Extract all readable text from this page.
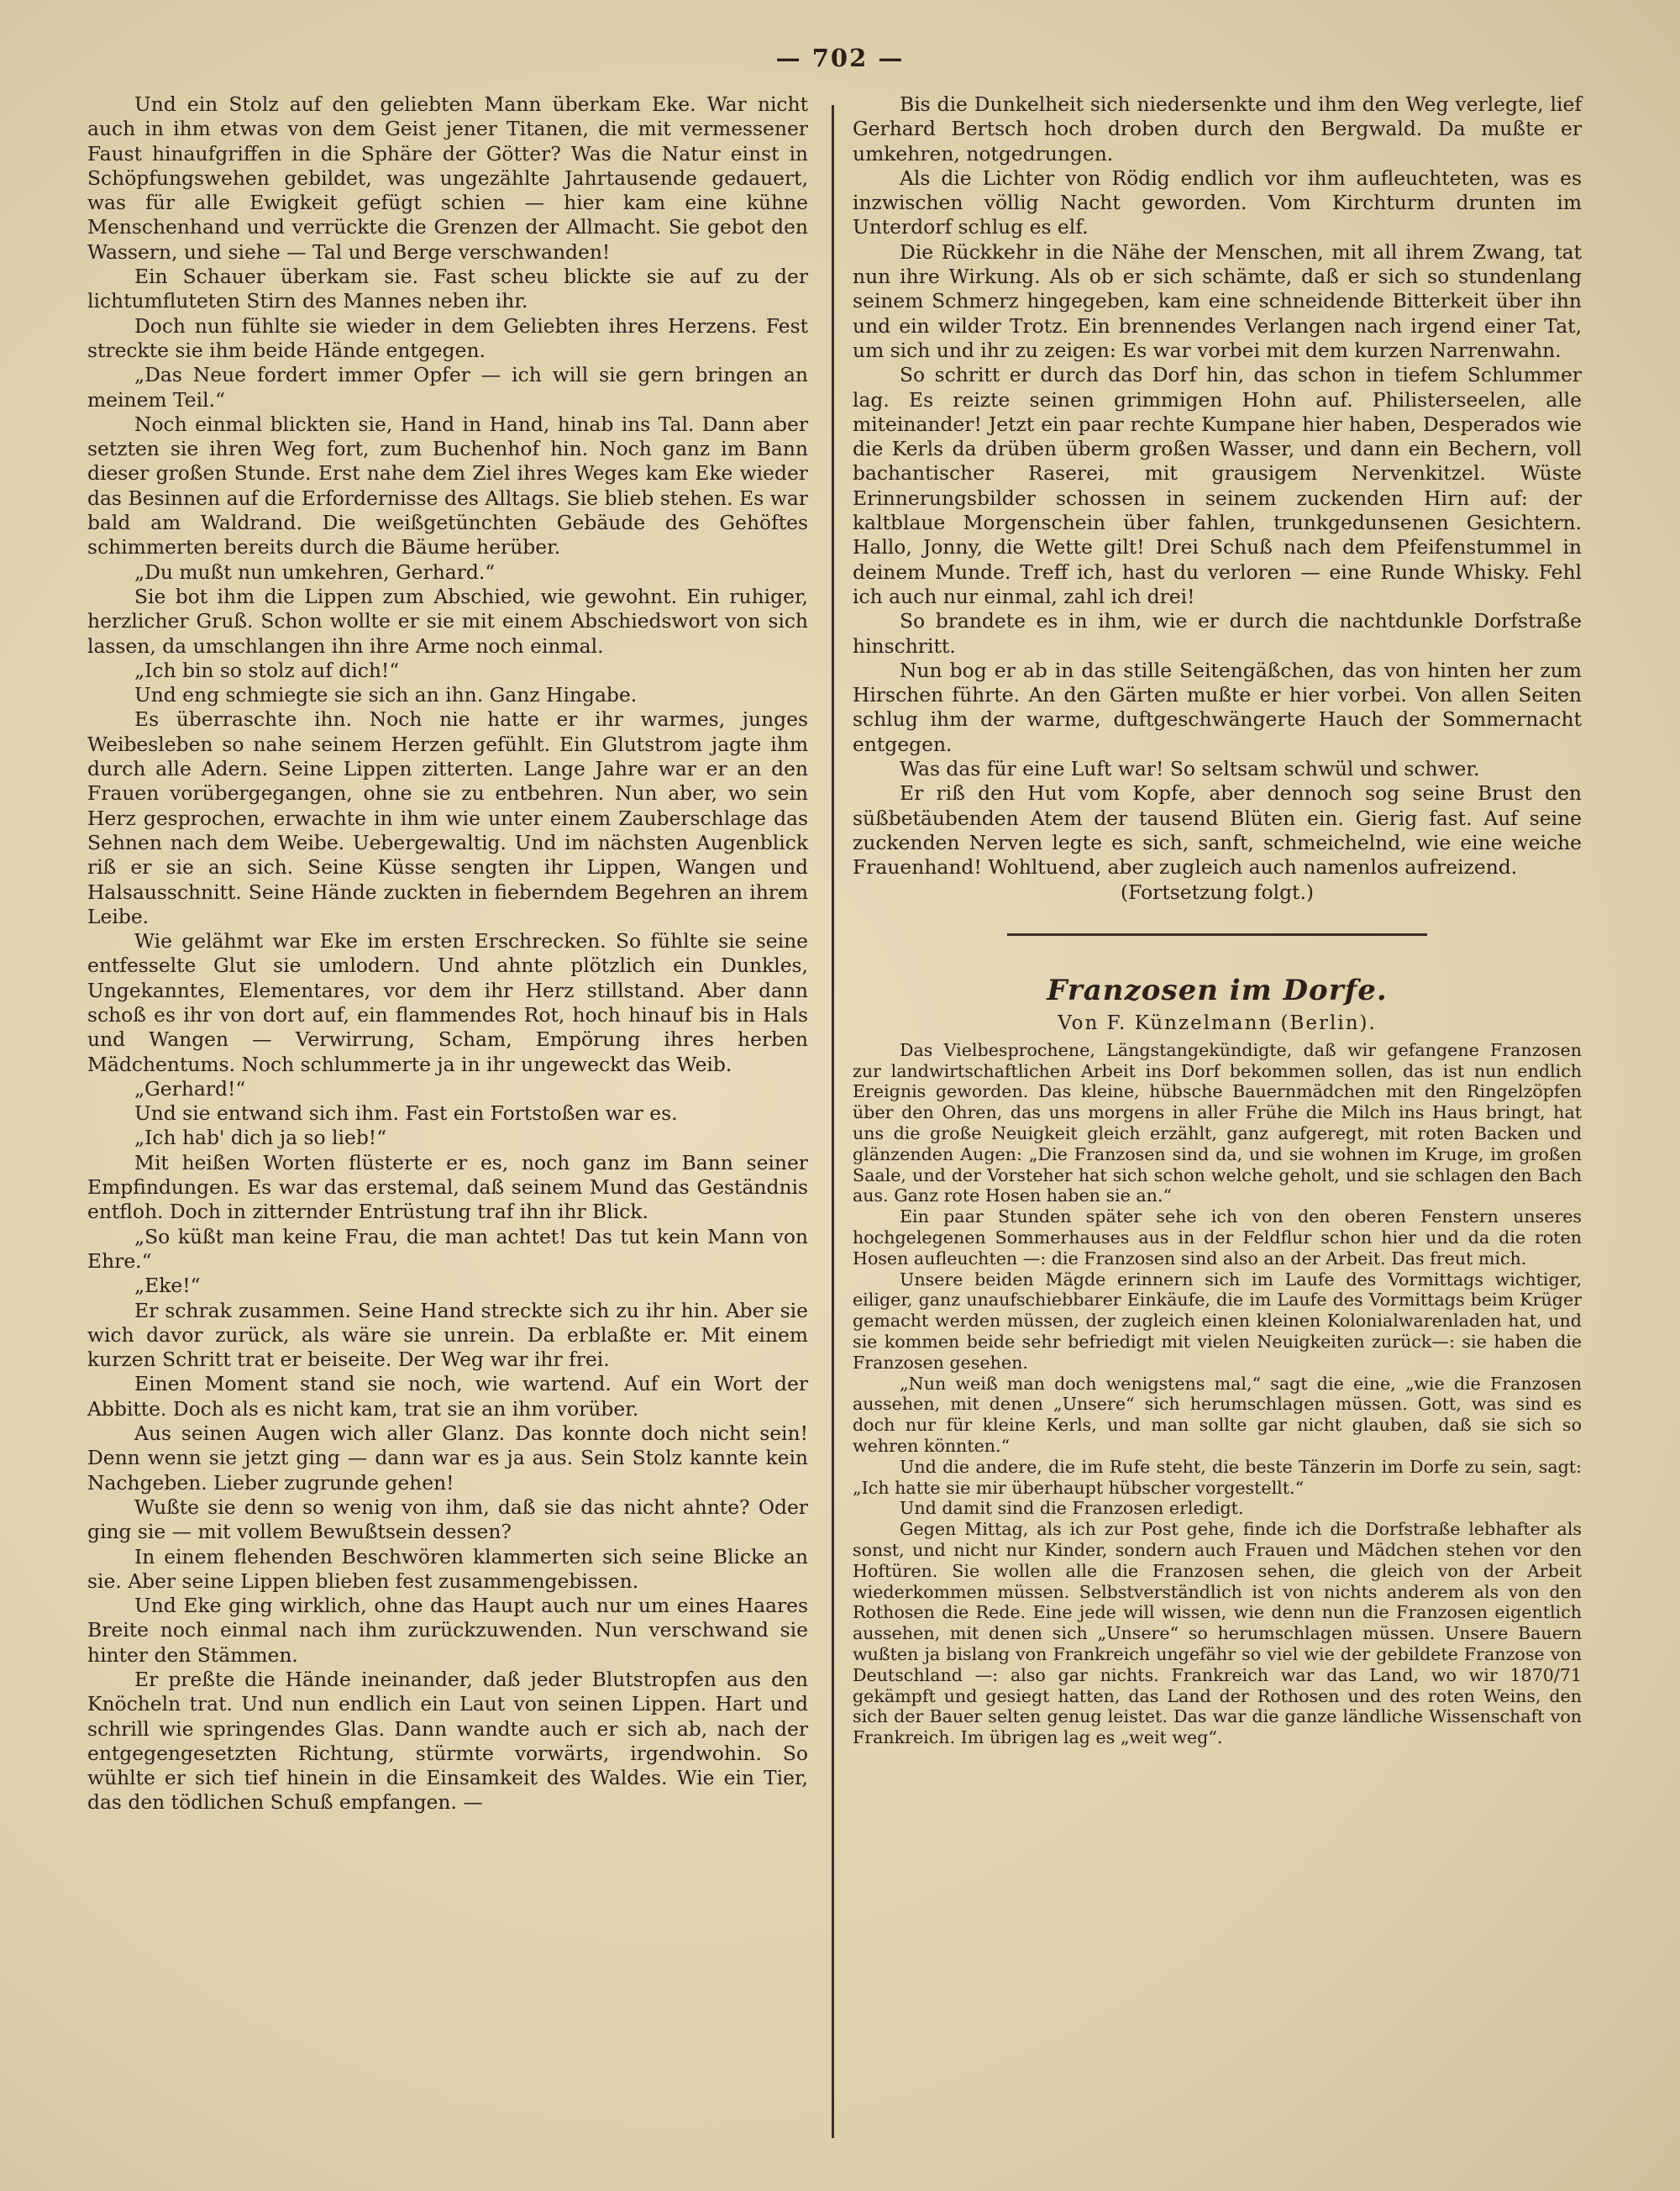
— 702 —

Und ein Stolz auf den geliebten Mann überkam Eke. War nicht auch in ihm etwas von dem Geist jener Titanen, die mit vermessener Faust hinaufgriffen in die Sphäre der Götter? Was die Natur einst in Schöpfungswehen gebildet, was ungezählte Jahrtausende gedauert, was für alle Ewigkeit gefügt schien — hier kam eine kühne Menschenhand und verrückte die Grenzen der Allmacht. Sie gebot den Wassern, und siehe — Tal und Berge verschwanden!

Ein Schauer überkam sie. Fast scheu blickte sie auf zu der lichtumfluteten Stirn des Mannes neben ihr.

Doch nun fühlte sie wieder in dem Geliebten ihres Herzens. Fest streckte sie ihm beide Hände entgegen.

„Das Neue fordert immer Opfer — ich will sie gern bringen an meinem Teil.“

Noch einmal blickten sie, Hand in Hand, hinab ins Tal. Dann aber setzten sie ihren Weg fort, zum Buchenhof hin. Noch ganz im Bann dieser großen Stunde. Erst nahe dem Ziel ihres Weges kam Eke wieder das Besinnen auf die Erfordernisse des Alltags. Sie blieb stehen. Es war bald am Waldrand. Die weißgetünchten Gebäude des Gehöftes schimmerten bereits durch die Bäume herüber.

„Du mußt nun umkehren, Gerhard.“

Sie bot ihm die Lippen zum Abschied, wie gewohnt. Ein ruhiger, herzlicher Gruß. Schon wollte er sie mit einem Abschiedswort von sich lassen, da umschlangen ihn ihre Arme noch einmal.

„Ich bin so stolz auf dich!“

Und eng schmiegte sie sich an ihn. Ganz Hingabe.

Es überraschte ihn. Noch nie hatte er ihr warmes, junges Weibesleben so nahe seinem Herzen gefühlt. Ein Glutstrom jagte ihm durch alle Adern. Seine Lippen zitterten. Lange Jahre war er an den Frauen vorübergegangen, ohne sie zu entbehren. Nun aber, wo sein Herz gesprochen, erwachte in ihm wie unter einem Zauberschlage das Sehnen nach dem Weibe. Uebergewaltig. Und im nächsten Augenblick riß er sie an sich. Seine Küsse sengten ihr Lippen, Wangen und Halsausschnitt. Seine Hände zuckten in fieberndem Begehren an ihrem Leibe.

Wie gelähmt war Eke im ersten Erschrecken. So fühlte sie seine entfesselte Glut sie umlodern. Und ahnte plötzlich ein Dunkles, Ungekanntes, Elementares, vor dem ihr Herz stillstand. Aber dann schoß es ihr von dort auf, ein flammendes Rot, hoch hinauf bis in Hals und Wangen — Verwirrung, Scham, Empörung ihres herben Mädchentums. Noch schlummerte ja in ihr ungeweckt das Weib.

„Gerhard!“

Und sie entwand sich ihm. Fast ein Fortstoßen war es.

„Ich hab' dich ja so lieb!“

Mit heißen Worten flüsterte er es, noch ganz im Bann seiner Empfindungen. Es war das erstemal, daß seinem Mund das Geständnis entfloh. Doch in zitternder Entrüstung traf ihn ihr Blick.

„So küßt man keine Frau, die man achtet! Das tut kein Mann von Ehre.“

„Eke!“

Er schrak zusammen. Seine Hand streckte sich zu ihr hin. Aber sie wich davor zurück, als wäre sie unrein. Da erblaßte er. Mit einem kurzen Schritt trat er beiseite. Der Weg war ihr frei.

Einen Moment stand sie noch, wie wartend. Auf ein Wort der Abbitte. Doch als es nicht kam, trat sie an ihm vorüber.

Aus seinen Augen wich aller Glanz. Das konnte doch nicht sein! Denn wenn sie jetzt ging — dann war es ja aus. Sein Stolz kannte kein Nachgeben. Lieber zugrunde gehen!

Wußte sie denn so wenig von ihm, daß sie das nicht ahnte? Oder ging sie — mit vollem Bewußtsein dessen?

In einem flehenden Beschwören klammerten sich seine Blicke an sie. Aber seine Lippen blieben fest zusammengebissen.

Und Eke ging wirklich, ohne das Haupt auch nur um eines Haares Breite noch einmal nach ihm zurückzuwenden. Nun verschwand sie hinter den Stämmen.

Er preßte die Hände ineinander, daß jeder Blutstropfen aus den Knöcheln trat. Und nun endlich ein Laut von seinen Lippen. Hart und schrill wie springendes Glas. Dann wandte auch er sich ab, nach der entgegengesetzten Richtung, stürmte vorwärts, irgendwohin. So wühlte er sich tief hinein in die Einsamkeit des Waldes. Wie ein Tier, das den tödlichen Schuß empfangen. —

Bis die Dunkelheit sich niedersenkte und ihm den Weg verlegte, lief Gerhard Bertsch hoch droben durch den Bergwald. Da mußte er umkehren, notgedrungen.

Als die Lichter von Rödig endlich vor ihm aufleuchteten, was es inzwischen völlig Nacht geworden. Vom Kirchturm drunten im Unterdorf schlug es elf.

Die Rückkehr in die Nähe der Menschen, mit all ihrem Zwang, tat nun ihre Wirkung. Als ob er sich schämte, daß er sich so stundenlang seinem Schmerz hingegeben, kam eine schneidende Bitterkeit über ihn und ein wilder Trotz. Ein brennendes Verlangen nach irgend einer Tat, um sich und ihr zu zeigen: Es war vorbei mit dem kurzen Narrenwahn.

So schritt er durch das Dorf hin, das schon in tiefem Schlummer lag. Es reizte seinen grimmigen Hohn auf. Philisterseelen, alle miteinander! Jetzt ein paar rechte Kumpane hier haben, Desperados wie die Kerls da drüben überm großen Wasser, und dann ein Bechern, voll bachantischer Raserei, mit grausigem Nervenkitzel. Wüste Erinnerungsbilder schossen in seinem zuckenden Hirn auf: der kaltblaue Morgenschein über fahlen, trunkgedunsenen Gesichtern. Hallo, Jonny, die Wette gilt! Drei Schuß nach dem Pfeifenstummel in deinem Munde. Treff ich, hast du verloren — eine Runde Whisky. Fehl ich auch nur einmal, zahl ich drei!

So brandete es in ihm, wie er durch die nachtdunkle Dorfstraße hinschritt.

Nun bog er ab in das stille Seitengäßchen, das von hinten her zum Hirschen führte. An den Gärten mußte er hier vorbei. Von allen Seiten schlug ihm der warme, duftgeschwängerte Hauch der Sommernacht entgegen.

Was das für eine Luft war! So seltsam schwül und schwer.

Er riß den Hut vom Kopfe, aber dennoch sog seine Brust den süßbetäubenden Atem der tausend Blüten ein. Gierig fast. Auf seine zuckenden Nerven legte es sich, sanft, schmeichelnd, wie eine weiche Frauenhand! Wohltuend, aber zugleich auch namenlos aufreizend.

(Fortsetzung folgt.)

Franzosen im Dorfe.
Von F. Künzelmann (Berlin).

Das Vielbesprochene, Längstangekündigte, daß wir gefangene Franzosen zur landwirtschaftlichen Arbeit ins Dorf bekommen sollen, das ist nun endlich Ereignis geworden. Das kleine, hübsche Bauernmädchen mit den Ringelzöpfen über den Ohren, das uns morgens in aller Frühe die Milch ins Haus bringt, hat uns die große Neuigkeit gleich erzählt, ganz aufgeregt, mit roten Backen und glänzenden Augen: „Die Franzosen sind da, und sie wohnen im Kruge, im großen Saale, und der Vorsteher hat sich schon welche geholt, und sie schlagen den Bach aus. Ganz rote Hosen haben sie an.“

Ein paar Stunden später sehe ich von den oberen Fenstern unseres hochgelegenen Sommerhauses aus in der Feldflur schon hier und da die roten Hosen aufleuchten —: die Franzosen sind also an der Arbeit. Das freut mich.

Unsere beiden Mägde erinnern sich im Laufe des Vormittags wichtiger, eiliger, ganz unaufschiebbarer Einkäufe, die im Laufe des Vormittags beim Krüger gemacht werden müssen, der zugleich einen kleinen Kolonialwarenladen hat, und sie kommen beide sehr befriedigt mit vielen Neuigkeiten zurück—: sie haben die Franzosen gesehen.

„Nun weiß man doch wenigstens mal,“ sagt die eine, „wie die Franzosen aussehen, mit denen „Unsere“ sich herumschlagen müssen. Gott, was sind es doch nur für kleine Kerls, und man sollte gar nicht glauben, daß sie sich so wehren könnten.“

Und die andere, die im Rufe steht, die beste Tänzerin im Dorfe zu sein, sagt: „Ich hatte sie mir überhaupt hübscher vorgestellt.“

Und damit sind die Franzosen erledigt.

Gegen Mittag, als ich zur Post gehe, finde ich die Dorfstraße lebhafter als sonst, und nicht nur Kinder, sondern auch Frauen und Mädchen stehen vor den Hoftüren. Sie wollen alle die Franzosen sehen, die gleich von der Arbeit wiederkommen müssen. Selbstverständlich ist von nichts anderem als von den Rothosen die Rede. Eine jede will wissen, wie denn nun die Franzosen eigentlich aussehen, mit denen sich „Unsere“ so herumschlagen müssen. Unsere Bauern wußten ja bislang von Frankreich ungefähr so viel wie der gebildete Franzose von Deutschland —: also gar nichts. Frankreich war das Land, wo wir 1870/71 gekämpft und gesiegt hatten, das Land der Rothosen und des roten Weins, den sich der Bauer selten genug leistet. Das war die ganze ländliche Wissenschaft von Frankreich. Im übrigen lag es „weit weg“.
